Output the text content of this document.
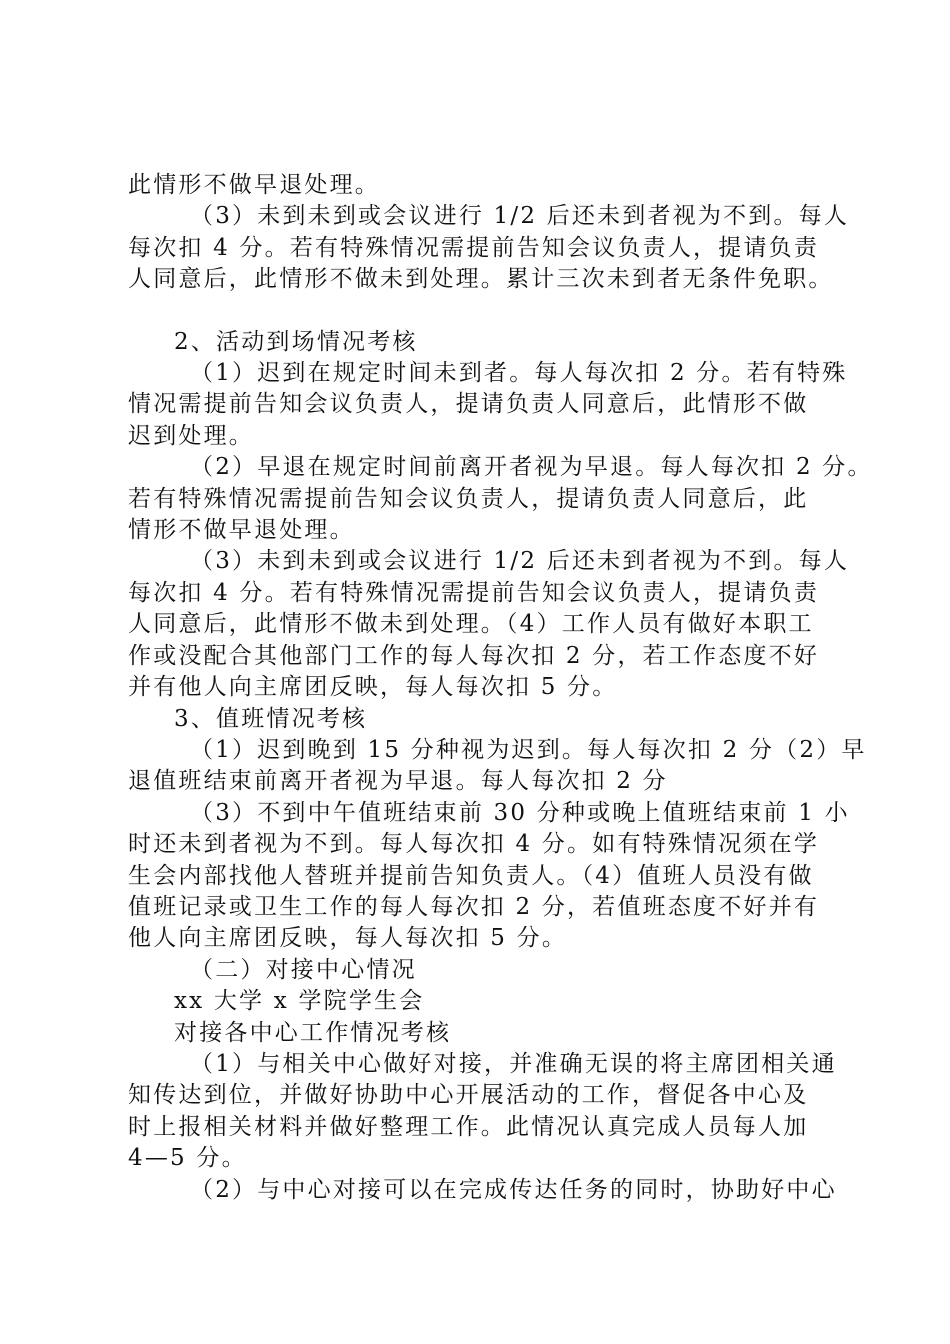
此情形不做早退处理。
（3）未到未到或会议进行 1/2 后还未到者视为不到。每人
每次扣 4 分。若有特殊情况需提前告知会议负责人，提请负责
人同意后，此情形不做未到处理。累计三次未到者无条件免职。
2、活动到场情况考核
（1）迟到在规定时间未到者。每人每次扣 2 分。若有特殊
情况需提前告知会议负责人，提请负责人同意后，此情形不做
迟到处理。
（2）早退在规定时间前离开者视为早退。每人每次扣 2 分。
若有特殊情况需提前告知会议负责人，提请负责人同意后，此
情形不做早退处理。
（3）未到未到或会议进行 1/2 后还未到者视为不到。每人
每次扣 4 分。若有特殊情况需提前告知会议负责人，提请负责
人同意后，此情形不做未到处理。（4）工作人员有做好本职工
作或没配合其他部门工作的每人每次扣 2 分，若工作态度不好
并有他人向主席团反映，每人每次扣 5 分。
3、值班情况考核
（1）迟到晚到 15 分种视为迟到。每人每次扣 2 分（2）早
退值班结束前离开者视为早退。每人每次扣 2 分
（3）不到中午值班结束前 30 分种或晚上值班结束前 1 小
时还未到者视为不到。每人每次扣 4 分。如有特殊情况须在学
生会内部找他人替班并提前告知负责人。（4）值班人员没有做
值班记录或卫生工作的每人每次扣 2 分，若值班态度不好并有
他人向主席团反映，每人每次扣 5 分。
（二）对接中心情况
xx 大学 x 学院学生会
对接各中心工作情况考核
（1）与相关中心做好对接，并准确无误的将主席团相关通
知传达到位，并做好协助中心开展活动的工作，督促各中心及
时上报相关材料并做好整理工作。此情况认真完成人员每人加
4—5 分。
（2）与中心对接可以在完成传达任务的同时，协助好中心
